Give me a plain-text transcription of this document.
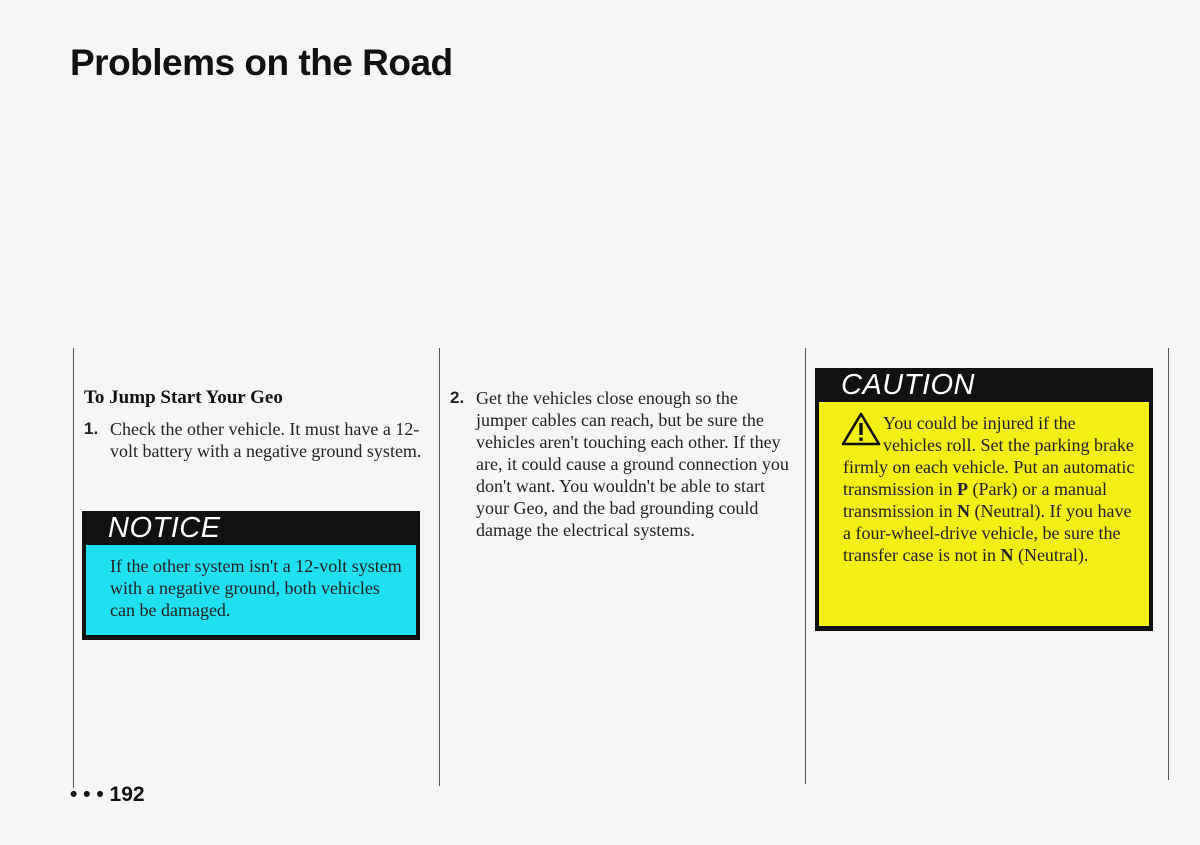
Problems on the Road
To Jump Start Your Geo
1. Check the other vehicle. It must have a 12-volt battery with a negative ground system.
NOTICE
If the other system isn't a 12-volt system with a negative ground, both vehicles can be damaged.
2. Get the vehicles close enough so the jumper cables can reach, but be sure the vehicles aren't touching each other. If they are, it could cause a ground connection you don't want. You wouldn't be able to start your Geo, and the bad grounding could damage the electrical systems.
CAUTION
You could be injured if the vehicles roll. Set the parking brake firmly on each vehicle. Put an automatic transmission in P (Park) or a manual transmission in N (Neutral). If you have a four-wheel-drive vehicle, be sure the transfer case is not in N (Neutral).
• • • 192
